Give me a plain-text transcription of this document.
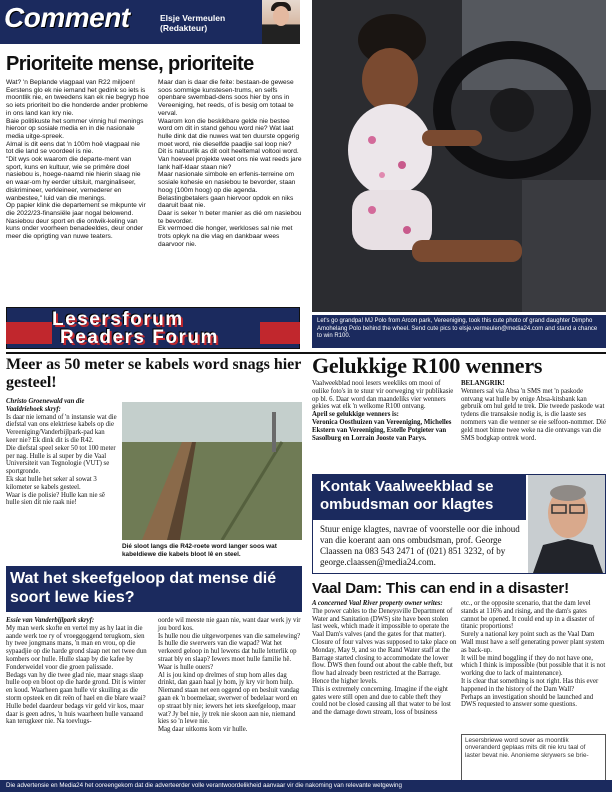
Comment	Elsje Vermeulen
(Redakteur)
Prioriteite mense, prioriteite

Wat? 'n Beplande vlagpaal van R22 miljoen! Eerstens glo ek nie iemand het gedink so iets is moontlik nie, en tweedens kan ek nie begryp hoe so iets prioriteit bo die honderde ander probleme in ons land kan kry nie.

Baie politikuste het sommer vinnig hul menings hieroor op sosiale media en in die nasionale media uitge-spreek.

Almal is dit eens dat 'n 100m hoë vlagpaal nie tot die land se voordeel is nie.

"Dit wys ook waarom die departe-ment van sport, kuns en kultuur, wie se primêre doel nasiebou is, hoege-naamd nie hierin slaag nie en waar-om hy eerder uitsluit, marginaliseer, diskrimineer, verkleineer, vernederer en wanbestee," luid van die menings.

Op papier klink die departement se mikpunte vir die 2022/23-finansiële jaar nogal belowend.

Nasiebou deur sport en die ontwik-keling van kuns onder voorheen benadeeldes, deur onder meer die oprigting van nuwe teaters.

Maar dan is daar die feite: bestaan-de gewese soos sommige kunstesen-trums, en selfs openbare swembad-dens soos hier by ons in Vereeniging, het reeds, of is besig om totaal te verval.

Waarom kon die beskikbare gelde nie bestee word om dit in stand gehou word nie? Wat laat hulle dink dat die nuwes wat ten duurste opgerig moet word, nie dieselfde paadjie sal loop nie?

Dit is natuurlik as dit ooit heeltemal voltooi word. Van hoeveel projekte weet ons nie wat reeds jare lank half-klaar staan nie?

Maar nasionale simbole en erfenis-terreine om sosiale kohesie en nasiebou te bevorder, staan hoog (100m hoog) op die agenda.

Belastingbetalers gaan hiervoor opdok en niks daaruit baat nie.

Daar is seker 'n beter manier as dié om nasiebou te bevorder.

Ek vermoed die honger, werkloses sal nie met trots opkyk na die vlag en dankbaar wees daarvoor nie.

Let's go grandpa! MJ Polo from Arcon park, Vereeniging, took this cute photo of grand daughter Dimpho Amohelang Polo behind the wheel. Send cute pics to elsje.vermeulen@media24.com and stand a chance to win R100.
Lesersforum
Readers Forum
Meer as 50 meter se kabels word snags hier gesteel!

Christo Groenewald van die Vaaldriehoek skryf:

Is daar nie iemand of 'n instansie wat die diefstal van ons elektriese kabels op die Vereeniging/Vanderbijlpark-pad kan keer nie? Ek dink dit is die R42.

Die diefstal speel seker 50 tot 100 meter per nag. Hulle is al super by die Vaal Universiteit van Tegnologie (VUT) se sportgronde.

Ek skat hulle het seker al sowat 3 kilometer se kabels gesteel.

Waar is die polisie? Hulle kan nie sê hulle sien dit nie raak nie!

Dié sloot langs die R42-roete word langer soos wat kabeldiewe die kabels bloot lê en steel.
Wat het skeefgeloop dat mense dié soort lewe kies?

Essie van Vanderbijlpark skryf:

My man werk skofte en vertel my as hy laat in die aande werk toe ry of vroeggoggend terugkom, sien hy twee jongmans mans, 'n man en vrou, op die sypaadjie op die harde grond slaap net net twee dun kombers oor hulle. Hulle slaap by die kafee by Fonderweidel voor die groen palissade.

Bedags van hy die twee glad nie, maar snags slaap hulle oop en bloot op die harde grond. Dit is winter en koud. Waarheen gaan hulle vir skuiling as die storm opsteek en dit reën of hael en die blare waai? Hulle bedel daardeur bedags vir geld vir kos, maar daar is geen adres, 'n huis waarheen hulle vanaand kan terugkeer nie. Na toevlugs-

oorde wil meeste nie gaan nie, want daar werk jy vir jou bord kos.

Is hulle nou die uitgeworpenes van die samelewing? Is hulle die swerwers van die wapad? Wat het verkeerd geloop in hul lewens dat hulle letterlik op straat bly en slaap? Iewers moet hulle familie hê. Waar is hulle ouers?

Al is jou kind op drelmes of stup hom alles dag drinkt, dan gaan haal jy hom, jy kry vir hom hulp. Niemand staan net een oggend op en besluit vandag gaan ek 'n boemelaar, swerwer of bedelaar word en op straat bly nie; iewers het iets skeefgeloop, maar wat? Jy bel nie, jy trek nie skoon aan nie, niemand kies so 'n lewe nie.

Mag daar uitkoms kom vir hulle.

Gelukkige R100 wenners

Vaalweekblad nooi lesers weekliks om mooi of oulike foto's in te stuur vir oorweging vir publikasie op bl. 6. Daar word dan maandeliks vier wenners gekies wat elk 'n welkome R100 ontvang.

April se gelukkige wenners is:

Veronica Oosthuizen van Vereeniging, Michelles Ekstern van Vereeniging, Estelle Potgieter van Sasolburg en Lorrain Jooste van Parys.

BELANGRIK!

Wenners sal via Absa 'n SMS met 'n paskode ontvang wat hulle by enige Absa-kitsbank kan gebruik om hul geld te trek. Die tweede paskode wat tydens die transaksie nodig is, is die laaste ses nommers van die wenner se eie selfoon-nommer. Dié geld moet binne twee weke na die ontvangs van die SMS bodgkap ontrek word.

Kontak Vaalweekblad se ombudsman oor klagtes
Stuur enige klagtes, navrae of voorstelle oor die inhoud van die koerant aan ons ombudsman, prof. George Claassen na 083 543 2471 of (021) 851 3232, of by george.claassen@media24.com.
Vaal Dam: This can end in a disaster!

A concerned Vaal River property owner writes:

The power cables to the Deneysville Department of Water and Sanitation (DWS) site have been stolen last week, which made it impossible to operate the Vaal Dam's valves (and the gates for that matter).

Closure of four valves was supposed to take place on Monday, May 9, and so the Rand Water staff at the Barrage started closing to accommodate the lower flow. DWS then found out about the cable theft, but flow had already been restricted at the Barrage. Hence the higher levels.

This is extremely concerning. Imagine if the eight gates were still open and due to cable theft they could not be closed causing all that water to be lost and the damage down stream, loss of business

etc., or the opposite scenario, that the dam level stands at 116% and rising, and the dam's gates cannot be opened. It could end up in a disaster of titanic proportions!

Surely a national key point such as the Vaal Dam Wall must have a self generating power plant system as back-up.

It will be mind boggling if they do not have one, which I think is impossible (but possible that it is not working due to lack of maintenance).

It is clear that something is not right. Has this ever happened in the history of the Dam Wall?

Perhaps an investigation should be launched and DWS requested to answer some questions.

Lesersbriewe word sover as moontlik onveranderd geplaas mits dit nie kru taal of laster bevat nie. Anonieme skrywers se brie-
Die advertensie en Media24 het ooreengekom dat die adverteerder volle verantwoordelikheid aanvaar vir die nakoming van relevante wetgewing
